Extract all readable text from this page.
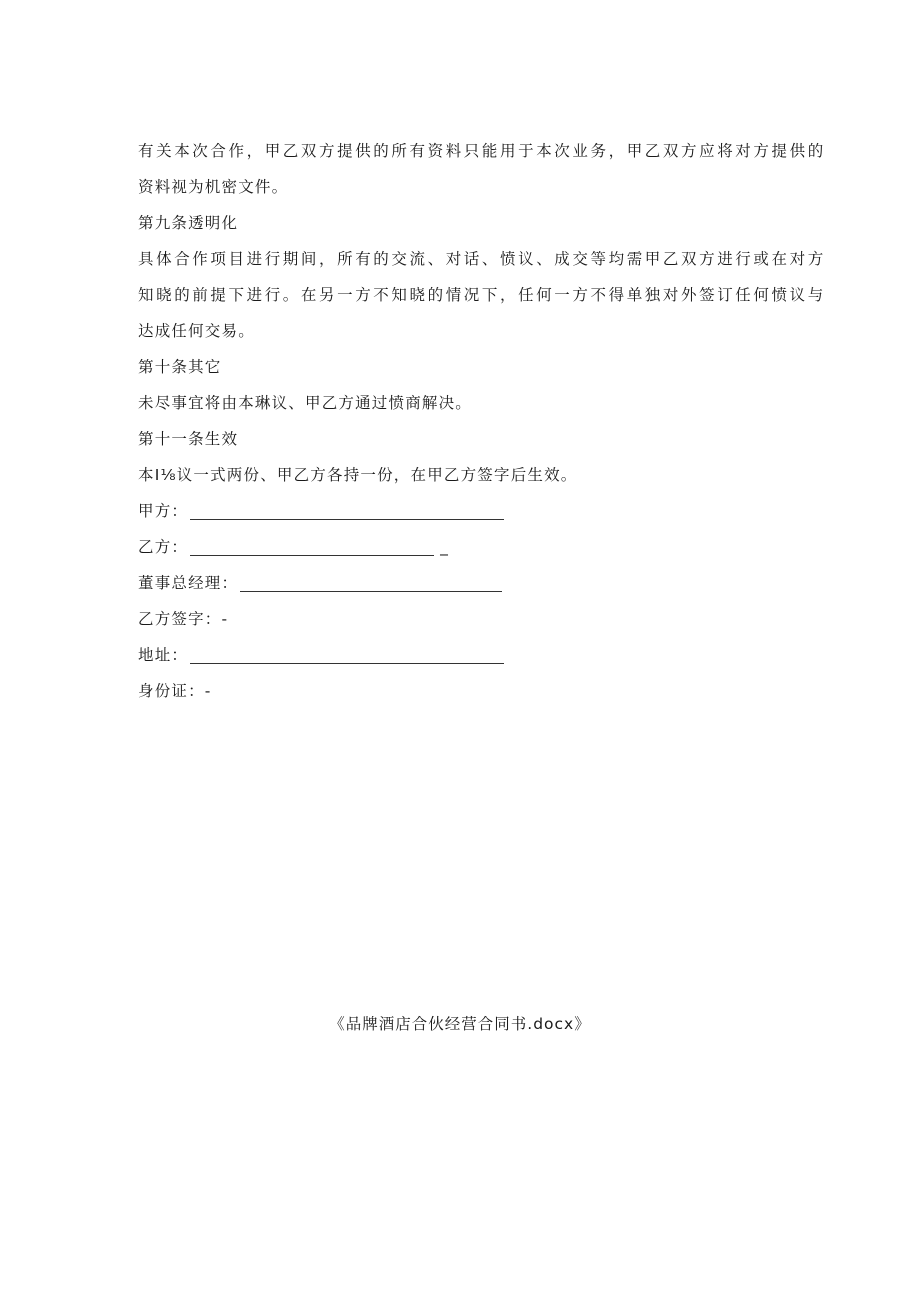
有关本次合作，甲乙双方提供的所有资料只能用于本次业务，甲乙双方应将对方提供的
资料视为机密文件。
第九条透明化
具体合作项目进行期间，所有的交流、对话、愤议、成交等均需甲乙双方进行或在对方
知晓的前提下进行。在另一方不知晓的情况下，任何一方不得单独对外签订任何愤议与
达成任何交易。
第十条其它
未尽事宜将由本琳议、甲乙方通过愤商解决。
第十一条生效
本I⅛议一式两份、甲乙方各持一份，在甲乙方签字后生效。
甲方：
乙方：	_
董事总经理：
乙方签字：-
地址：
身份证：-
《品牌酒店合伙经营合同书.docx》
